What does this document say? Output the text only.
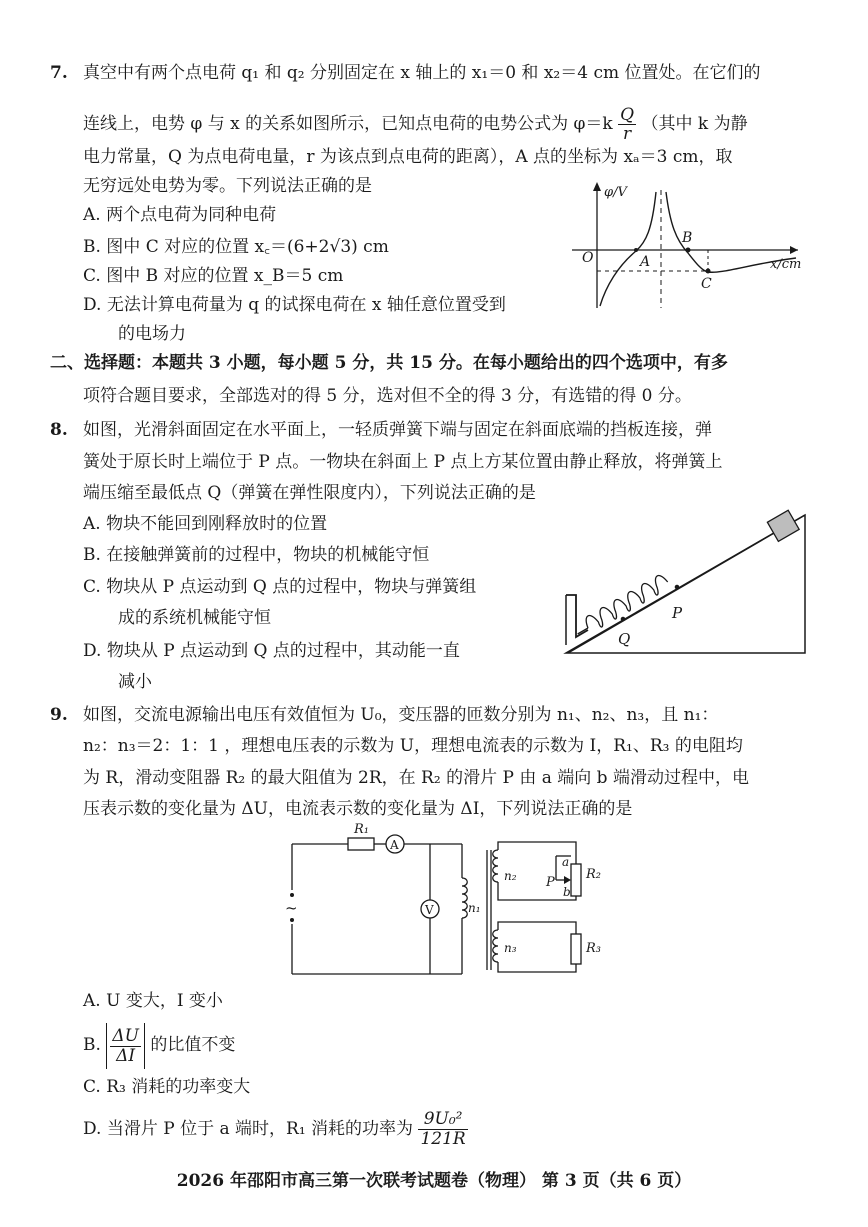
7. 真空中有两个点电荷 q₁ 和 q₂ 分别固定在 x 轴上的 x₁＝0 和 x₂＝4 cm 位置处。在它们的
连线上，电势 φ 与 x 的关系如图所示，已知点电荷的电势公式为 $\varphi=k \frac{Q}{r}$ （其中 k 为静
电力常量，Q 为点电荷电量，r 为该点到点电荷的距离），A 点的坐标为 xₐ＝3 cm，取
无穷远处电势为零。下列说法正确的是
A. 两个点电荷为同种电荷
B. 图中 C 对应的位置 x꜀＝(6+2√3) cm
C. 图中 B 对应的位置 x_B＝5 cm
D. 无法计算电荷量为 q 的试探电荷在 x 轴任意位置受到
的电场力
φ/V
x/cm
O	A
B
C
二、选择题：本题共 3 小题，每小题 5 分，共 15 分。在每小题给出的四个选项中，有多
项符合题目要求，全部选对的得 5 分，选对但不全的得 3 分，有选错的得 0 分。
8. 如图，光滑斜面固定在水平面上，一轻质弹簧下端与固定在斜面底端的挡板连接，弹
簧处于原长时上端位于 P 点。一物块在斜面上 P 点上方某位置由静止释放，将弹簧上
端压缩至最低点 Q（弹簧在弹性限度内），下列说法正确的是
A. 物块不能回到刚释放时的位置
B. 在接触弹簧前的过程中，物块的机械能守恒
C. 物块从 P 点运动到 Q 点的过程中，物块与弹簧组
成的系统机械能守恒
D. 物块从 P 点运动到 Q 点的过程中，其动能一直
减小
Q
P
9. 如图，交流电源输出电压有效值恒为 U₀，变压器的匝数分别为 n₁、n₂、n₃，且 n₁：
n₂：n₃＝2：1：1 ，理想电压表的示数为 U，理想电流表的示数为 I，R₁、R₃ 的电阻均
为 R，滑动变阻器 R₂ 的最大阻值为 2R，在 R₂ 的滑片 P 由 a 端向 b 端滑动过程中，电
压表示数的变化量为 ΔU，电流表示数的变化量为 ΔI，下列说法正确的是
~
R₁
A
V	n₁
n₂
n₃
R₂
R₃
a
b
P
A. U 变大，I 变小
B. $\frac{\Delta U}{\Delta I}$ 的比值不变
C. R₃ 消耗的功率变大
D. 当滑片 P 位于 a 端时，R₁ 消耗的功率为 $\frac{\text{9U₀²}}{121R}$
2026 年邵阳市高三第一次联考试题卷（物理） 第 3 页（共 6 页）
